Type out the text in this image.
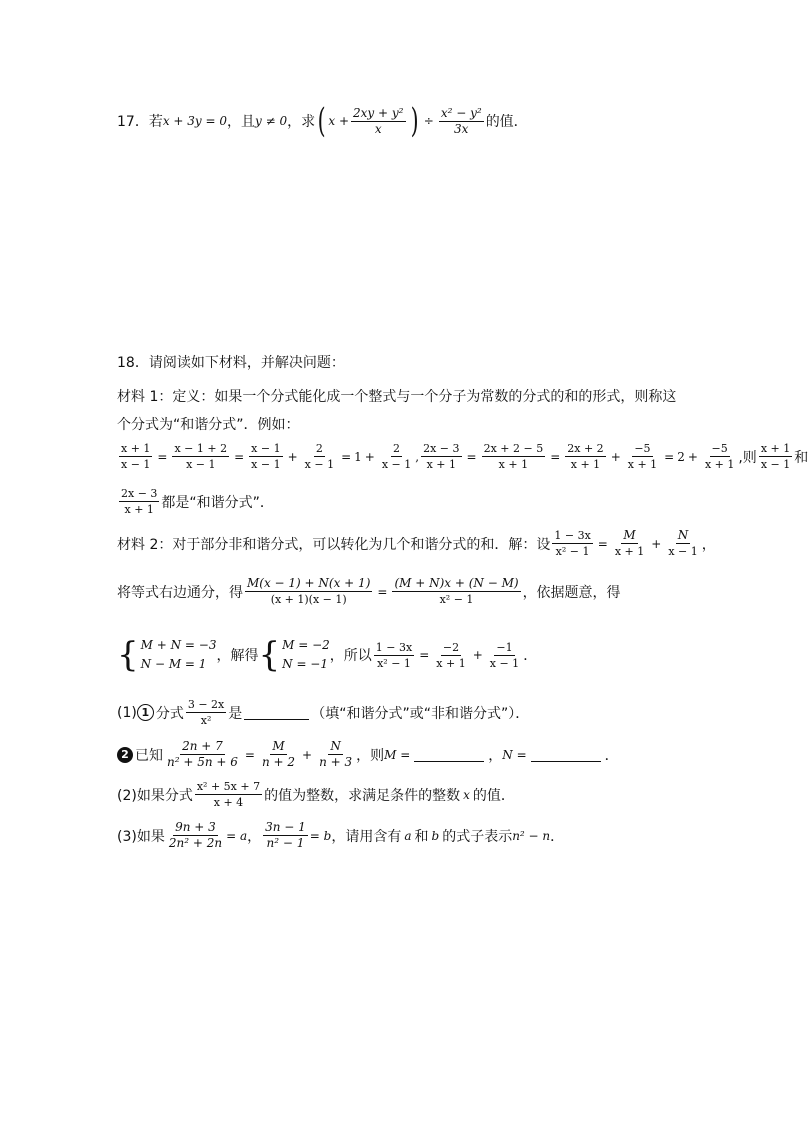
17．若 x + 3y = 0 ，且 y ≠ 0 ，求 ( $x + \frac{\text{2xy + y²}}{x}$ ) ÷ $\frac{\text{x² − y²}}{3x}$ 的值．
18．请阅读如下材料，并解决问题：
材料 1：定义：如果一个分式能化成一个整式与一个分子为常数的分式的和的形式，则称这
个分式为“和谐分式”．例如：
$\frac{x + 1}{x - 1} = \frac{x - 1 + 2}{x - 1} = \frac{x - 1}{x - 1} + \frac{2}{x - 1} = 1 + \frac{2}{x - 1}$ , $\frac{2x - 3}{x + 1} = \frac{2x + 2 - 5}{x + 1} = \frac{2x + 2}{x + 1} + \frac{-5}{x + 1} = 2 + \frac{-5}{x + 1}$ ,则
x + 1
x − 1 和
2x − 3
x + 1 都是“和谐分式”．
材料 2：对于部分非和谐分式，可以转化为几个和谐分式的和．解：设 $\frac{1 - 3x}{\text{x² − 1}} = \frac{M}{x + 1} + \frac{N}{x - 1}$ ，
将等式右边通分，得 $\frac{M(x - 1) + N(x + 1)}{(x + 1)(x - 1)} = \frac{(M + N)x + (N - M)}{\text{x² − 1}}$ ，依据题意，得
{ M + N = −3
N − M = 1 ，解得 { M = −2
N = −1 ，所以 $\frac{1 - 3x}{\text{x² − 1}} = \frac{-2}{x + 1} + \frac{-1}{x - 1}$ ．
(1) 1 分式
3 − 2x
x² 是	（填“和谐分式”或“非和谐分式”）．
2 已知 $\frac{2n + 7}{\text{n² + 5n + 6}} = \frac{M}{n + 2} + \frac{N}{n + 3}$ ，则 M =	， N =	．
(2)如果分式
x² + 5x + 7
x + 4 的值为整数，求满足条件的整数 x 的值．
(3)如果 $\frac{9n + 3}{\text{2n² + 2n}} = a$ ， $\frac{3n - 1}{\text{n² − 1}} = b$ ，请用含有 a 和 b 的式子表示 n² − n ．
